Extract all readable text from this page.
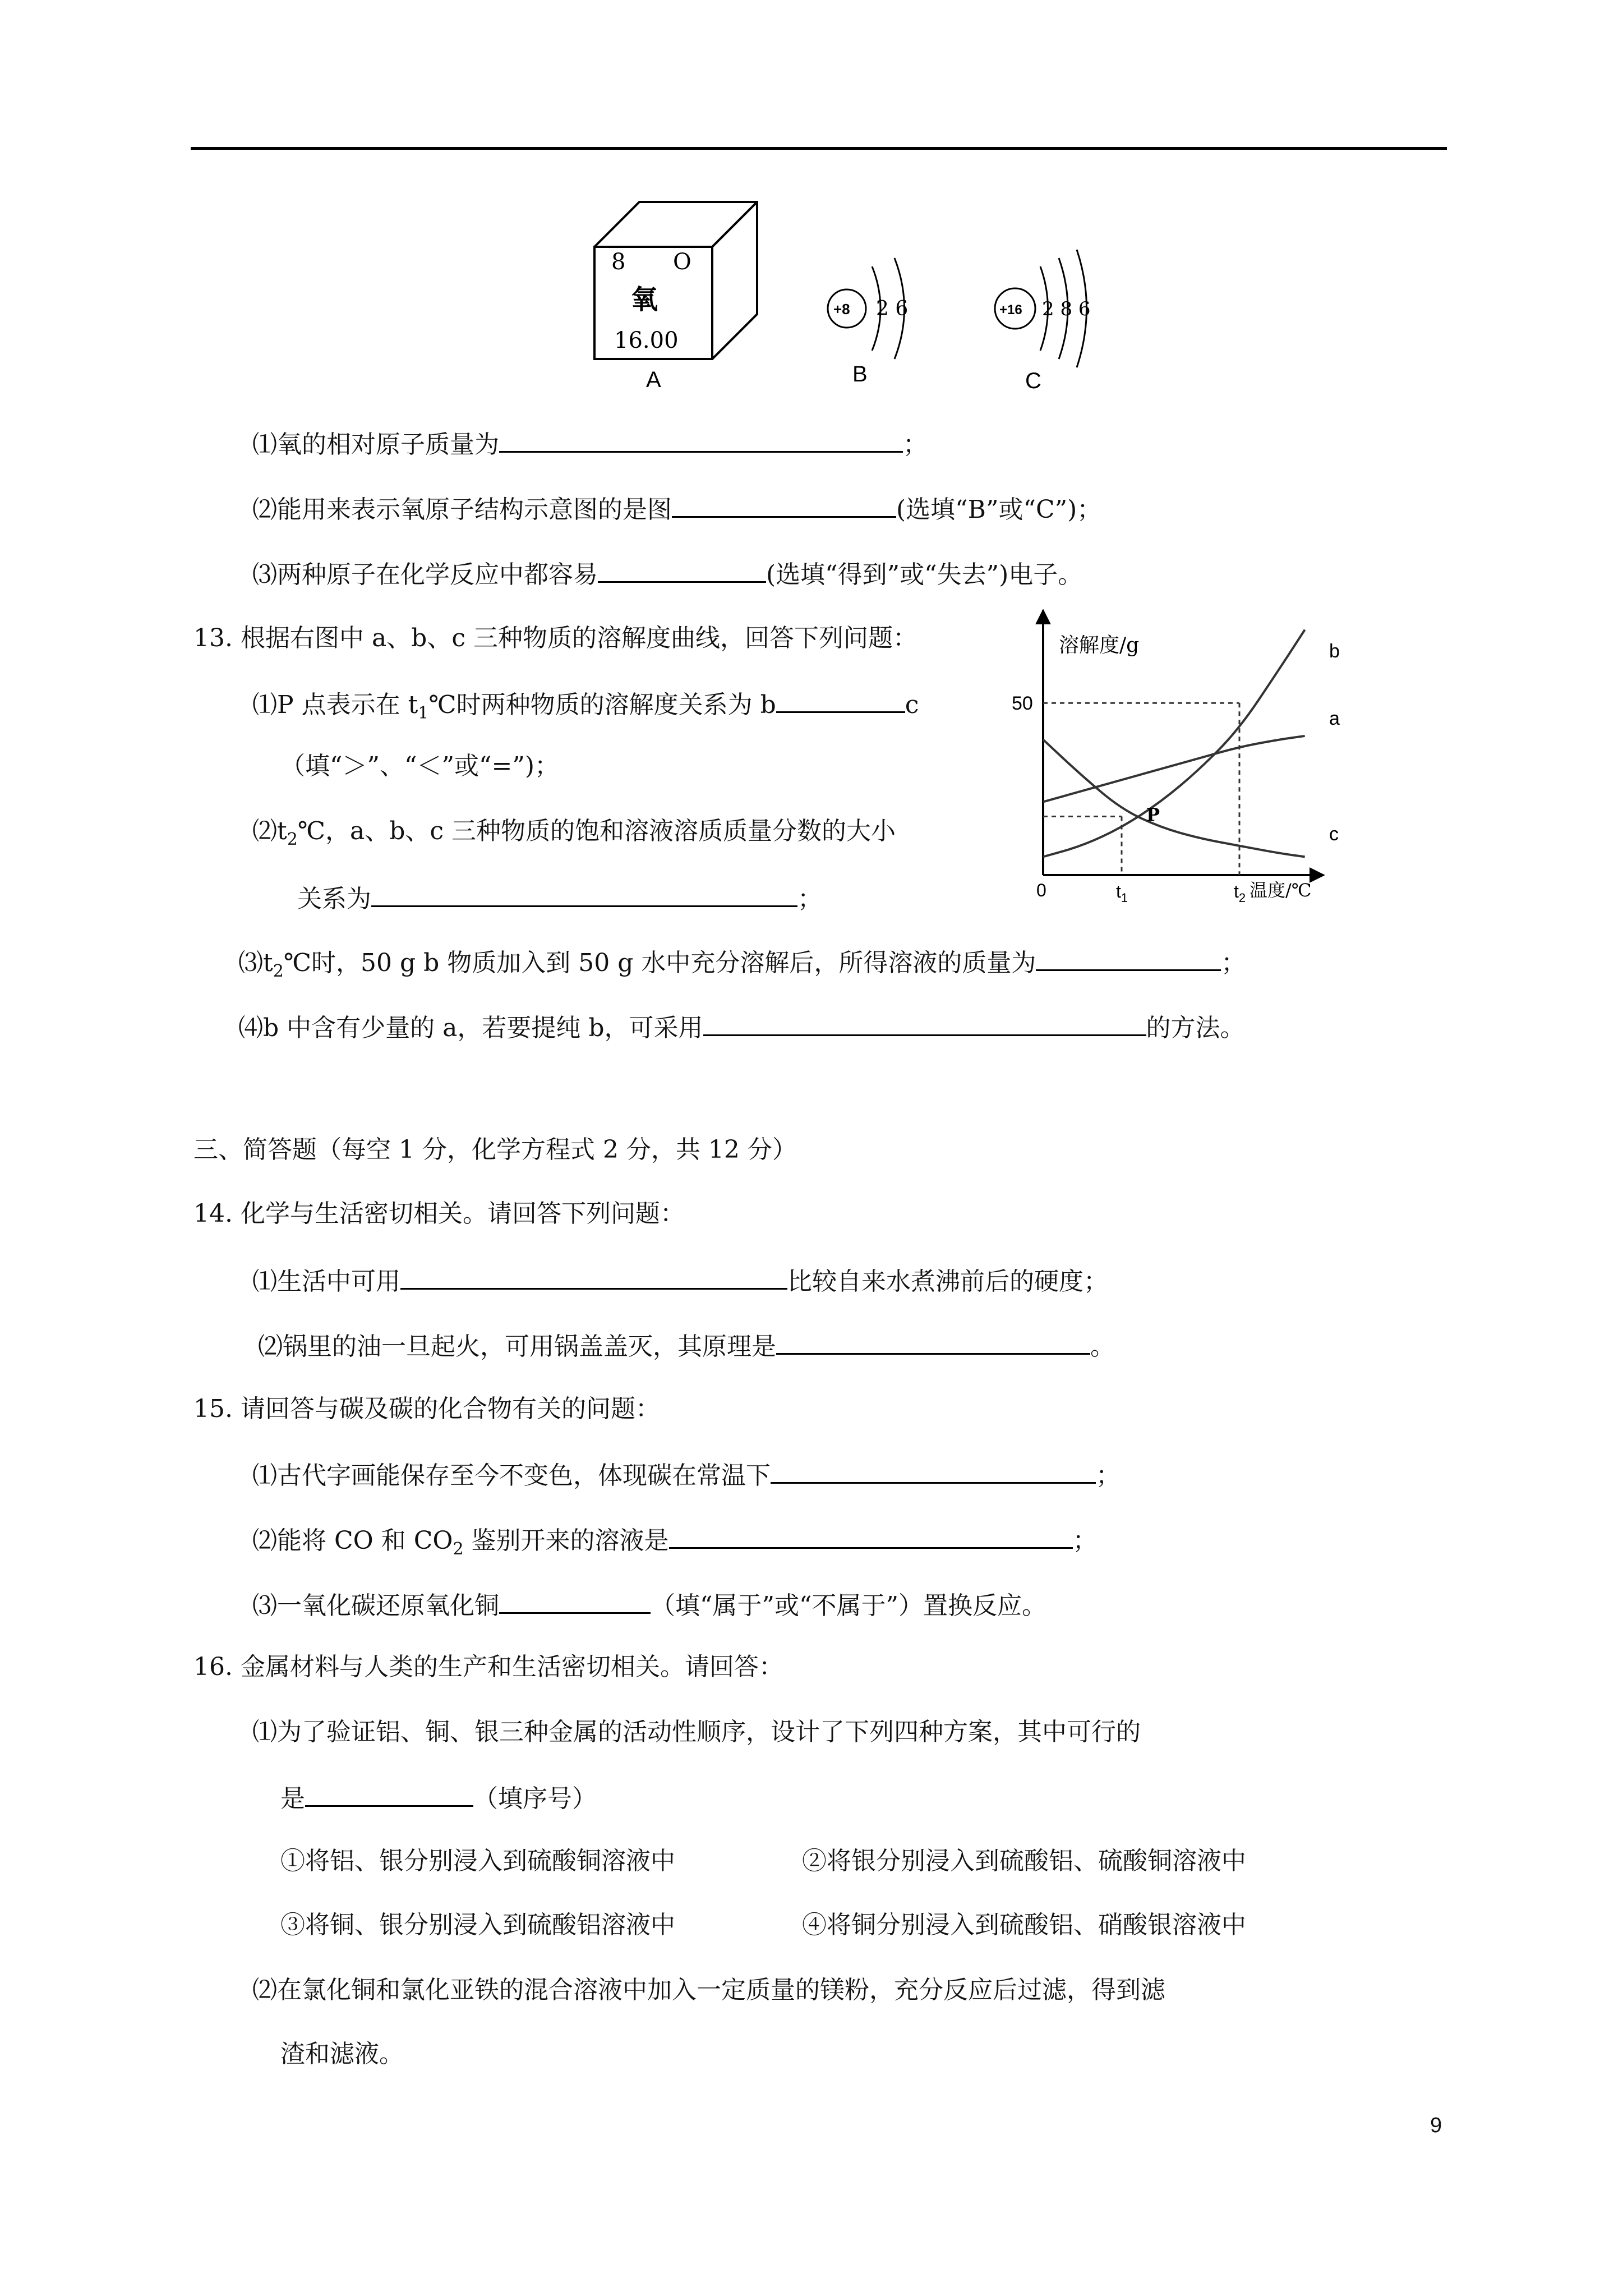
8 O
氧
16.00
A
+8 2 6
B
+16 2 8 6
C
⑴氧的相对原子质量为	；
⑵能用来表示氧原子结构示意图的是图	(选填“B”或“C”)；
⑶两种原子在化学反应中都容易	(选填“得到”或“失去”)电子。
13. 根据右图中 a、b、c 三种物质的溶解度曲线，回答下列问题：
⑴P 点表示在 $t_1℃$时两种物质的溶解度关系为 b	c
（填“＞”、“＜”或“=”)；
$⑵t_2℃$，a、b、c 三种物质的饱和溶液溶质质量分数的大小
关系为	；
$⑶t_2℃$时，50 g b 物质加入到 50 g 水中充分溶解后，所得溶液的质量为	；
⑷b 中含有少量的 a，若要提纯 b，可采用	的方法。
溶解度/g
50
0	$t_1$	$t_2$ 温度/℃
P
b
a
c
三、简答题（每空 1 分，化学方程式 2 分，共 12 分）
14. 化学与生活密切相关。请回答下列问题：
⑴生活中可用	比较自来水煮沸前后的硬度；
⑵锅里的油一旦起火，可用锅盖盖灭，其原理是	。
15. 请回答与碳及碳的化合物有关的问题：
⑴古代字画能保存至今不变色，体现碳在常温下	；
⑵能将 CO 和 $CO_2$ 鉴别开来的溶液是	；
⑶一氧化碳还原氧化铜	（填“属于”或“不属于”）置换反应。
16. 金属材料与人类的生产和生活密切相关。请回答：
⑴为了验证铝、铜、银三种金属的活动性顺序，设计了下列四种方案，其中可行的
是	（填序号）
①将铝、银分别浸入到硫酸铜溶液中	②将银分别浸入到硫酸铝、硫酸铜溶液中
③将铜、银分别浸入到硫酸铝溶液中	④将铜分别浸入到硫酸铝、硝酸银溶液中
⑵在氯化铜和氯化亚铁的混合溶液中加入一定质量的镁粉，充分反应后过滤，得到滤
渣和滤液。
9
